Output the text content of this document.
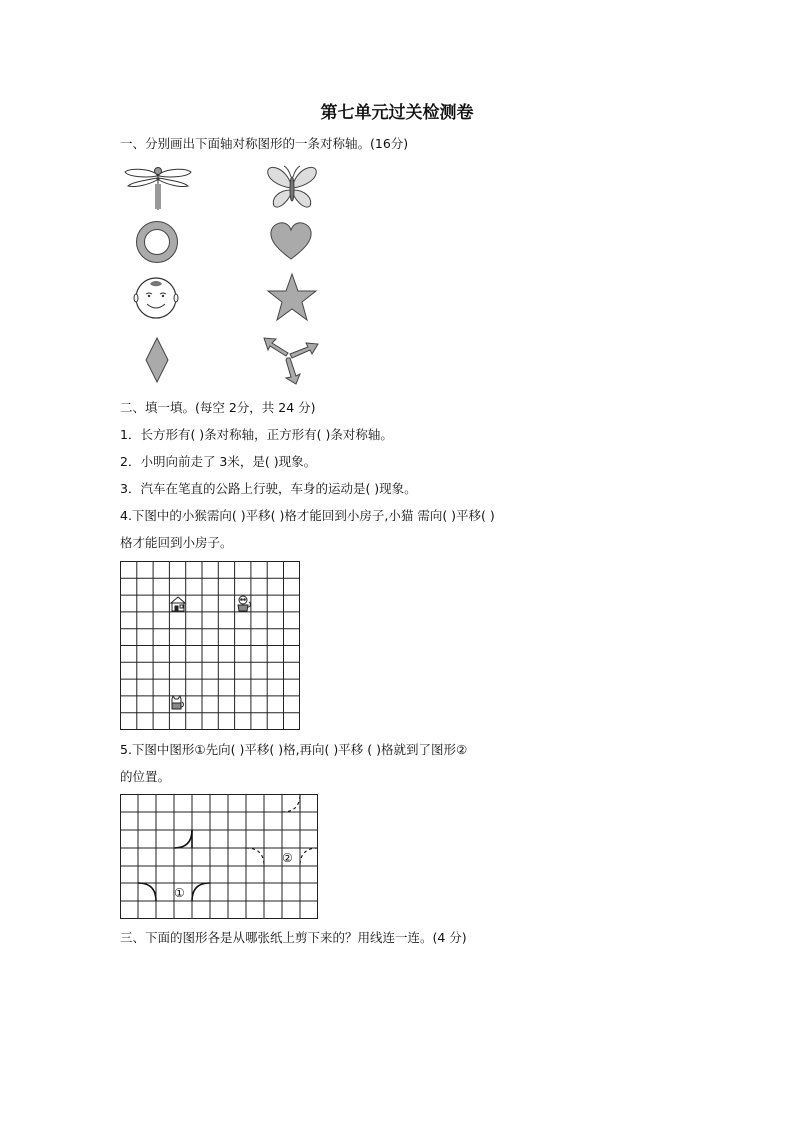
第七单元过关检测卷
一、分别画出下面轴对称图形的一条对称轴。(16分)
二、填一填。(每空 2分，共 24 分)
1．长方形有( )条对称轴，正方形有( )条对称轴。
2．小明向前走了 3米，是( )现象。
3．汽车在笔直的公路上行驶，车身的运动是( )现象。
4.下图中的小猴需向( )平移( )格才能回到小房子,小猫 需向( )平移( )
格才能回到小房子。
5.下图中图形①先向( )平移( )格,再向( )平移 ( )格就到了图形②
的位置。
①
②
三、下面的图形各是从哪张纸上剪下来的？用线连一连。(4 分)
